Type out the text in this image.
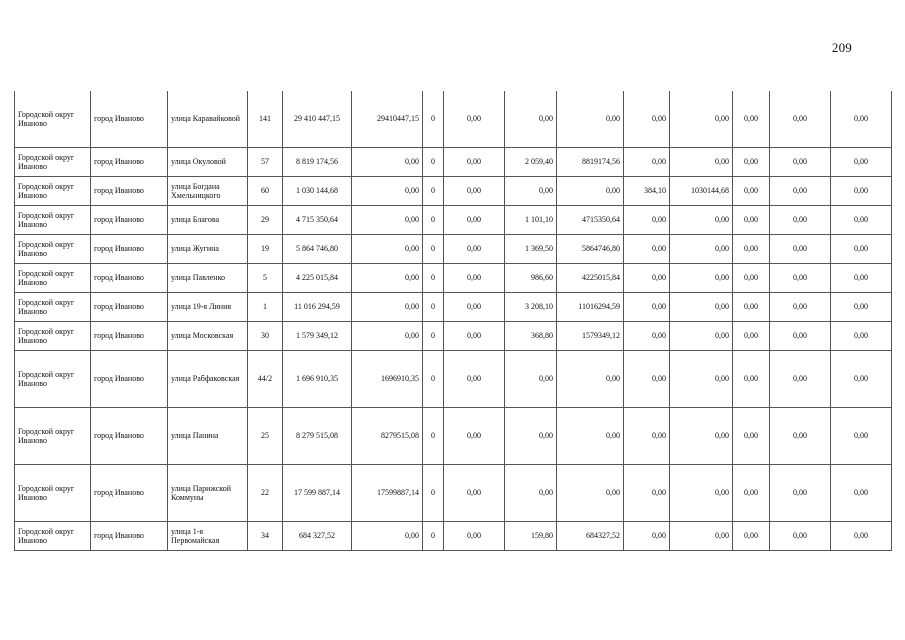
209
Городской округ Иваново	город Иваново	улица Каравайковой	141	29 410 447,15	29410447,15	0	0,00	0,00	0,00	0,00	0,00	0,00	0,00	0,00
Городской округ Иваново	город Иваново	улица Окуловой	57	8 819 174,56	0,00	0	0,00	2 059,40	8819174,56	0,00	0,00	0,00	0,00	0,00
Городской округ Иваново	город Иваново	улица Богдана Хмельницкого	60	1 030 144,68	0,00	0	0,00	0,00	0,00	384,10	1030144,68	0,00	0,00	0,00
Городской округ Иваново	город Иваново	улица Благова	29	4 715 350,64	0,00	0	0,00	1 101,10	4715350,64	0,00	0,00	0,00	0,00	0,00
Городской округ Иваново	город Иваново	улица Жугина	19	5 864 746,80	0,00	0	0,00	1 369,50	5864746,80	0,00	0,00	0,00	0,00	0,00
Городской округ Иваново	город Иваново	улица Павленко	5	4 225 015,84	0,00	0	0,00	986,60	4225015,84	0,00	0,00	0,00	0,00	0,00
Городской округ Иваново	город Иваново	улица 19-я Линия	1	11 016 294,59	0,00	0	0,00	3 208,10	11016294,59	0,00	0,00	0,00	0,00	0,00
Городской округ Иваново	город Иваново	улица Московская	30	1 579 349,12	0,00	0	0,00	368,80	1579349,12	0,00	0,00	0,00	0,00	0,00
Городской округ Иваново	город Иваново	улица Рабфаковская	44/2	1 696 910,35	1696910,35	0	0,00	0,00	0,00	0,00	0,00	0,00	0,00	0,00
Городской округ Иваново	город Иваново	улица Панина	25	8 279 515,08	8279515,08	0	0,00	0,00	0,00	0,00	0,00	0,00	0,00	0,00
Городской округ Иваново	город Иваново	улица Парижской Коммуны	22	17 599 887,14	17599887,14	0	0,00	0,00	0,00	0,00	0,00	0,00	0,00	0,00
Городской округ Иваново	город Иваново	улица 1-я Первомайская	34	684 327,52	0,00	0	0,00	159,80	684327,52	0,00	0,00	0,00	0,00	0,00
